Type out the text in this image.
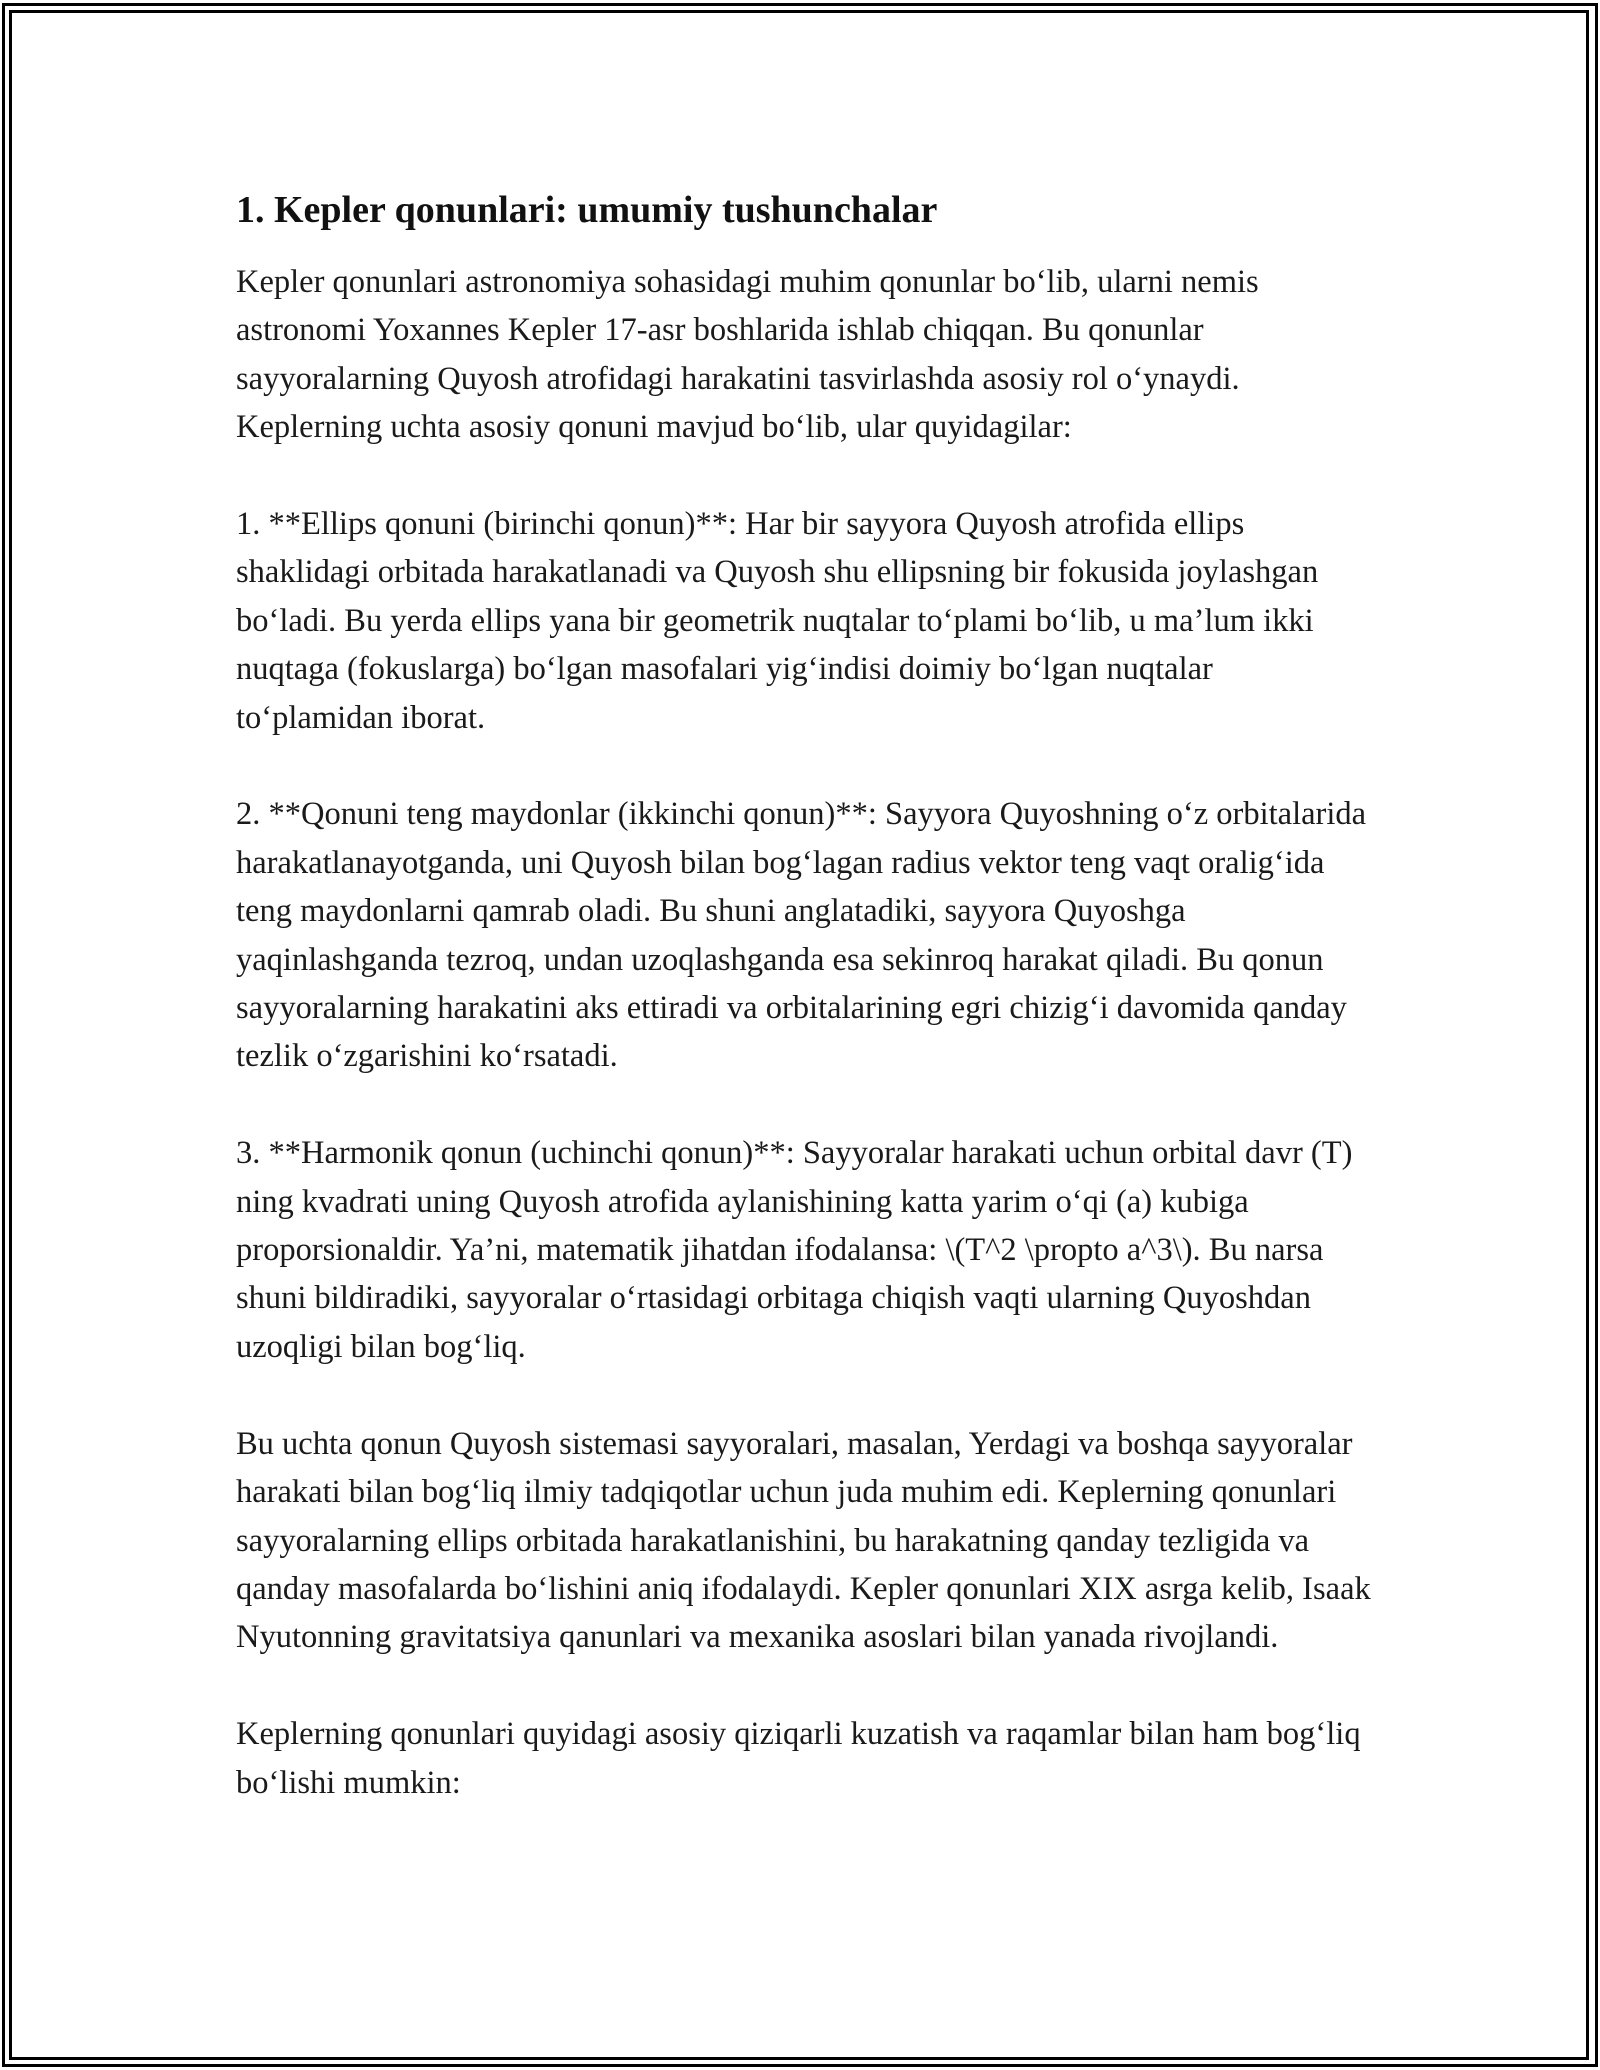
1. Kepler qonunlari: umumiy tushunchalar

Kepler qonunlari astronomiya sohasidagi muhim qonunlar bo‘lib, ularni nemis astronomi Yoxannes Kepler 17-asr boshlarida ishlab chiqqan. Bu qonunlar sayyoralarning Quyosh atrofidagi harakatini tasvirlashda asosiy rol o‘ynaydi. Keplerning uchta asosiy qonuni mavjud bo‘lib, ular quyidagilar:

1. **Ellips qonuni (birinchi qonun)**: Har bir sayyora Quyosh atrofida ellips shaklidagi orbitada harakatlanadi va Quyosh shu ellipsning bir fokusida joylashgan bo‘ladi. Bu yerda ellips yana bir geometrik nuqtalar to‘plami bo‘lib, u ma’lum ikki nuqtaga (fokuslarga) bo‘lgan masofalari yig‘indisi doimiy bo‘lgan nuqtalar to‘plamidan iborat.

2. **Qonuni teng maydonlar (ikkinchi qonun)**: Sayyora Quyoshning o‘z orbitalarida harakatlanayotganda, uni Quyosh bilan bog‘lagan radius vektor teng vaqt oralig‘ida teng maydonlarni qamrab oladi. Bu shuni anglatadiki, sayyora Quyoshga yaqinlashganda tezroq, undan uzoqlashganda esa sekinroq harakat qiladi. Bu qonun sayyoralarning harakatini aks ettiradi va orbitalarining egri chizig‘i davomida qanday tezlik o‘zgarishini ko‘rsatadi.

3. **Harmonik qonun (uchinchi qonun)**: Sayyoralar harakati uchun orbital davr (T) ning kvadrati uning Quyosh atrofida aylanishining katta yarim o‘qi (a) kubiga proporsionaldir. Ya’ni, matematik jihatdan ifodalansa: \(T^2 \propto a^3\). Bu narsa shuni bildiradiki, sayyoralar o‘rtasidagi orbitaga chiqish vaqti ularning Quyoshdan uzoqligi bilan bog‘liq.

Bu uchta qonun Quyosh sistemasi sayyoralari, masalan, Yerdagi va boshqa sayyoralar harakati bilan bog‘liq ilmiy tadqiqotlar uchun juda muhim edi. Keplerning qonunlari sayyoralarning ellips orbitada harakatlanishini, bu harakatning qanday tezligida va qanday masofalarda bo‘lishini aniq ifodalaydi. Kepler qonunlari XIX asrga kelib, Isaak Nyutonning gravitatsiya qanunlari va mexanika asoslari bilan yanada rivojlandi.

Keplerning qonunlari quyidagi asosiy qiziqarli kuzatish va raqamlar bilan ham bog‘liq bo‘lishi mumkin:
